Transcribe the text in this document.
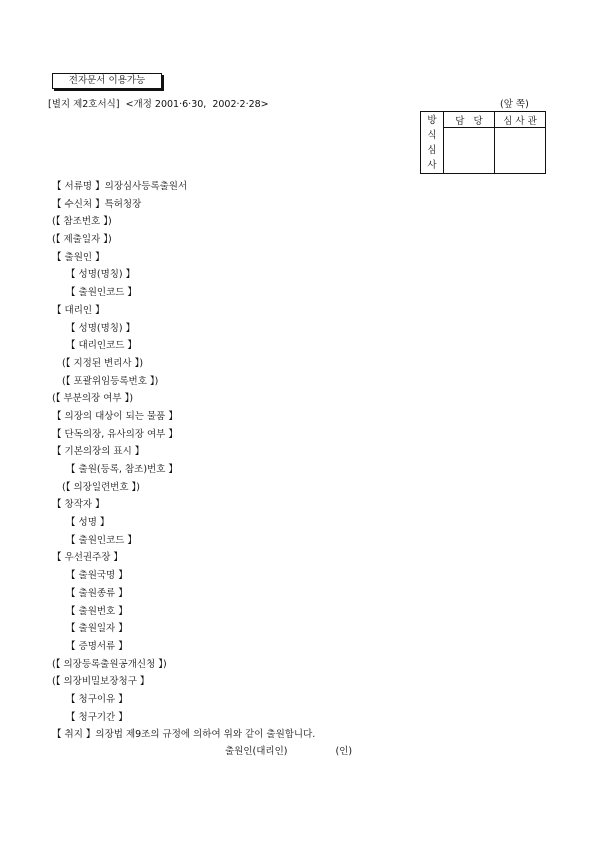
전자문서 이용가능
[별지 제2호서식] <개정 2001·6·30,  2002·2·28>	(앞 쪽)
방
식
심
사	담   당	심 사 관

【 서류명 】의장심사등록출원서
【 수신처 】특허청장
(【 참조번호 】)
(【 제출일자 】)
【 출원인 】
【 성명(명칭) 】
【 출원인코드 】
【 대리인 】
【 성명(명칭) 】
【 대리인코드 】
(【 지정된 변리사 】)
(【 포괄위임등록번호 】)
(【 부분의장 여부 】)
【 의장의 대상이 되는 물품 】
【 단독의장, 유사의장 여부 】
【 기본의장의 표시 】
【 출원(등록, 참조)번호 】
(【 의장일련번호 】)
【 창작자 】
【 성명 】
【 출원인코드 】
【 우선권주장 】
【 출원국명 】
【 출원종류 】
【 출원번호 】
【 출원일자 】
【 증명서류 】
(【 의장등록출원공개신청 】)
(【 의장비밀보장청구 】
【 청구이유 】
【 청구기간 】
【 취지 】의장법 제9조의 규정에 의하여 위와 같이 출원합니다.
출원인(대리인)	(인)
